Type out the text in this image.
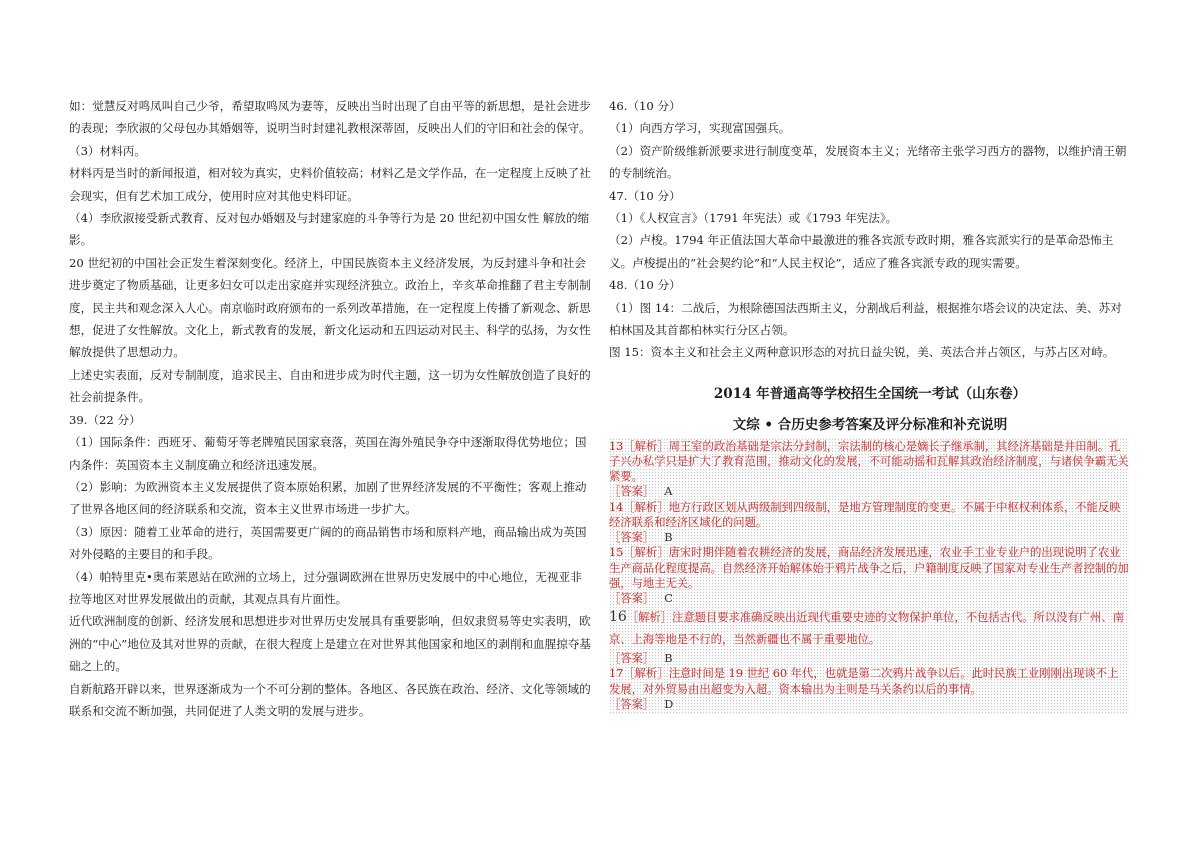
如：觉慧反对鸣凤叫自己少爷，希望取鸣凤为妻等，反映出当时出现了自由平等的新思想，是社会进步的表现；李欣淑的父母包办其婚姻等，说明当时封建礼教根深蒂固，反映出人们的守旧和社会的保守。

（3）材料丙。

材料丙是当时的新闻报道，相对较为真实，史料价值较高；材料乙是文学作品，在一定程度上反映了社会现实，但有艺术加工成分，使用时应对其他史料印证。

（4）李欣淑接受新式教育、反对包办婚姻及与封建家庭的斗争等行为是 20 世纪初中国女性 解放的缩影。

20 世纪初的中国社会正发生着深刻变化。经济上，中国民族资本主义经济发展，为反封建斗争和社会进步奠定了物质基础，让更多妇女可以走出家庭并实现经济独立。政治上，辛亥革命推翻了君主专制制度，民主共和观念深入人心。南京临时政府颁布的一系列改革措施，在一定程度上传播了新观念、新思想，促进了女性解放。文化上，新式教育的发展，新文化运动和五四运动对民主、科学的弘扬，为女性解放提供了思想动力。

上述史实表面，反对专制制度，追求民主、自由和进步成为时代主题，这一切为女性解放创造了良好的社会前提条件。

39.（22 分）

（1）国际条件：西班牙、葡萄牙等老牌殖民国家衰落，英国在海外殖民争夺中逐渐取得优势地位；国内条件：英国资本主义制度确立和经济迅速发展。

（2）影响：为欧洲资本主义发展提供了资本原始积累，加剧了世界经济发展的不平衡性；客观上推动了世界各地区间的经济联系和交流，资本主义世界市场进一步扩大。

（3）原因：随着工业革命的进行，英国需要更广阔的的商品销售市场和原料产地，商品输出成为英国对外侵略的主要目的和手段。

（4）帕特里克•奥布莱恩站在欧洲的立场上，过分强调欧洲在世界历史发展中的中心地位，无视亚非拉等地区对世界发展做出的贡献，其观点具有片面性。

近代欧洲制度的创新、经济发展和思想进步对世界历史发展具有重要影响，但奴隶贸易等史实表明，欧洲的“中心”地位及其对世界的贡献，在很大程度上是建立在对世界其他国家和地区的剥削和血腥掠夺基础之上的。

自新航路开辟以来，世界逐渐成为一个不可分割的整体。各地区、各民族在政治、经济、文化等领域的联系和交流不断加强，共同促进了人类文明的发展与进步。

46.（10 分）

（1）向西方学习，实现富国强兵。

（2）资产阶级维新派要求进行制度变革，发展资本主义；光绪帝主张学习西方的器物，以维护清王朝的专制统治。

47.（10 分）

（1）《人权宣言》（1791 年宪法）或《1793 年宪法》。

（2）卢梭。1794 年正值法国大革命中最激进的雅各宾派专政时期，雅各宾派实行的是革命恐怖主义。卢梭提出的“社会契约论”和“人民主权论”，适应了雅各宾派专政的现实需要。

48.（10 分）

（1）图 14：二战后，为根除德国法西斯主义，分割战后利益，根据推尔塔会议的决定法、美、苏对柏林国及其首都柏林实行分区占领。

图 15：资本主义和社会主义两种意识形态的对抗日益尖锐，美、英法合并占领区，与苏占区对峙。

2014 年普通高等学校招生全国统一考试（山东卷）

文综 • 合历史参考答案及评分标准和补充说明

13［解析］周王室的政治基础是宗法分封制，宗法制的核心是嫡长子继承制，其经济基础是井田制。孔子兴办私学只是扩大了教育范围，推动文化的发展，不可能动摇和瓦解其政治经济制度，与诸侯争霸无关紧要。

［答案］ A

14［解析］地方行政区划从两级制到四级制，是地方管理制度的变更。不属于中枢权利体系，不能反映经济联系和经济区域化的问题。

［答案］ B

15［解析］唐宋时期伴随着农耕经济的发展，商品经济发展迅速，农业手工业专业户的出现说明了农业生产商品化程度提高。自然经济开始解体始于鸦片战争之后，户籍制度反映了国家对专业生产者控制的加强，与地主无关。

［答案］ C

16［解析］注意题目要求准确反映出近现代重要史迹的文物保护单位，不包括古代。所以没有广州、南京、上海等地是不行的，当然新疆也不属于重要地位。

［答案］ B

17［解析］注意时间是 19 世纪 60 年代，也就是第二次鸦片战争以后。此时民族工业刚刚出现谈不上发展，对外贸易由出超变为入超。资本输出为主则是马关条约以后的事情。

［答案］ D
